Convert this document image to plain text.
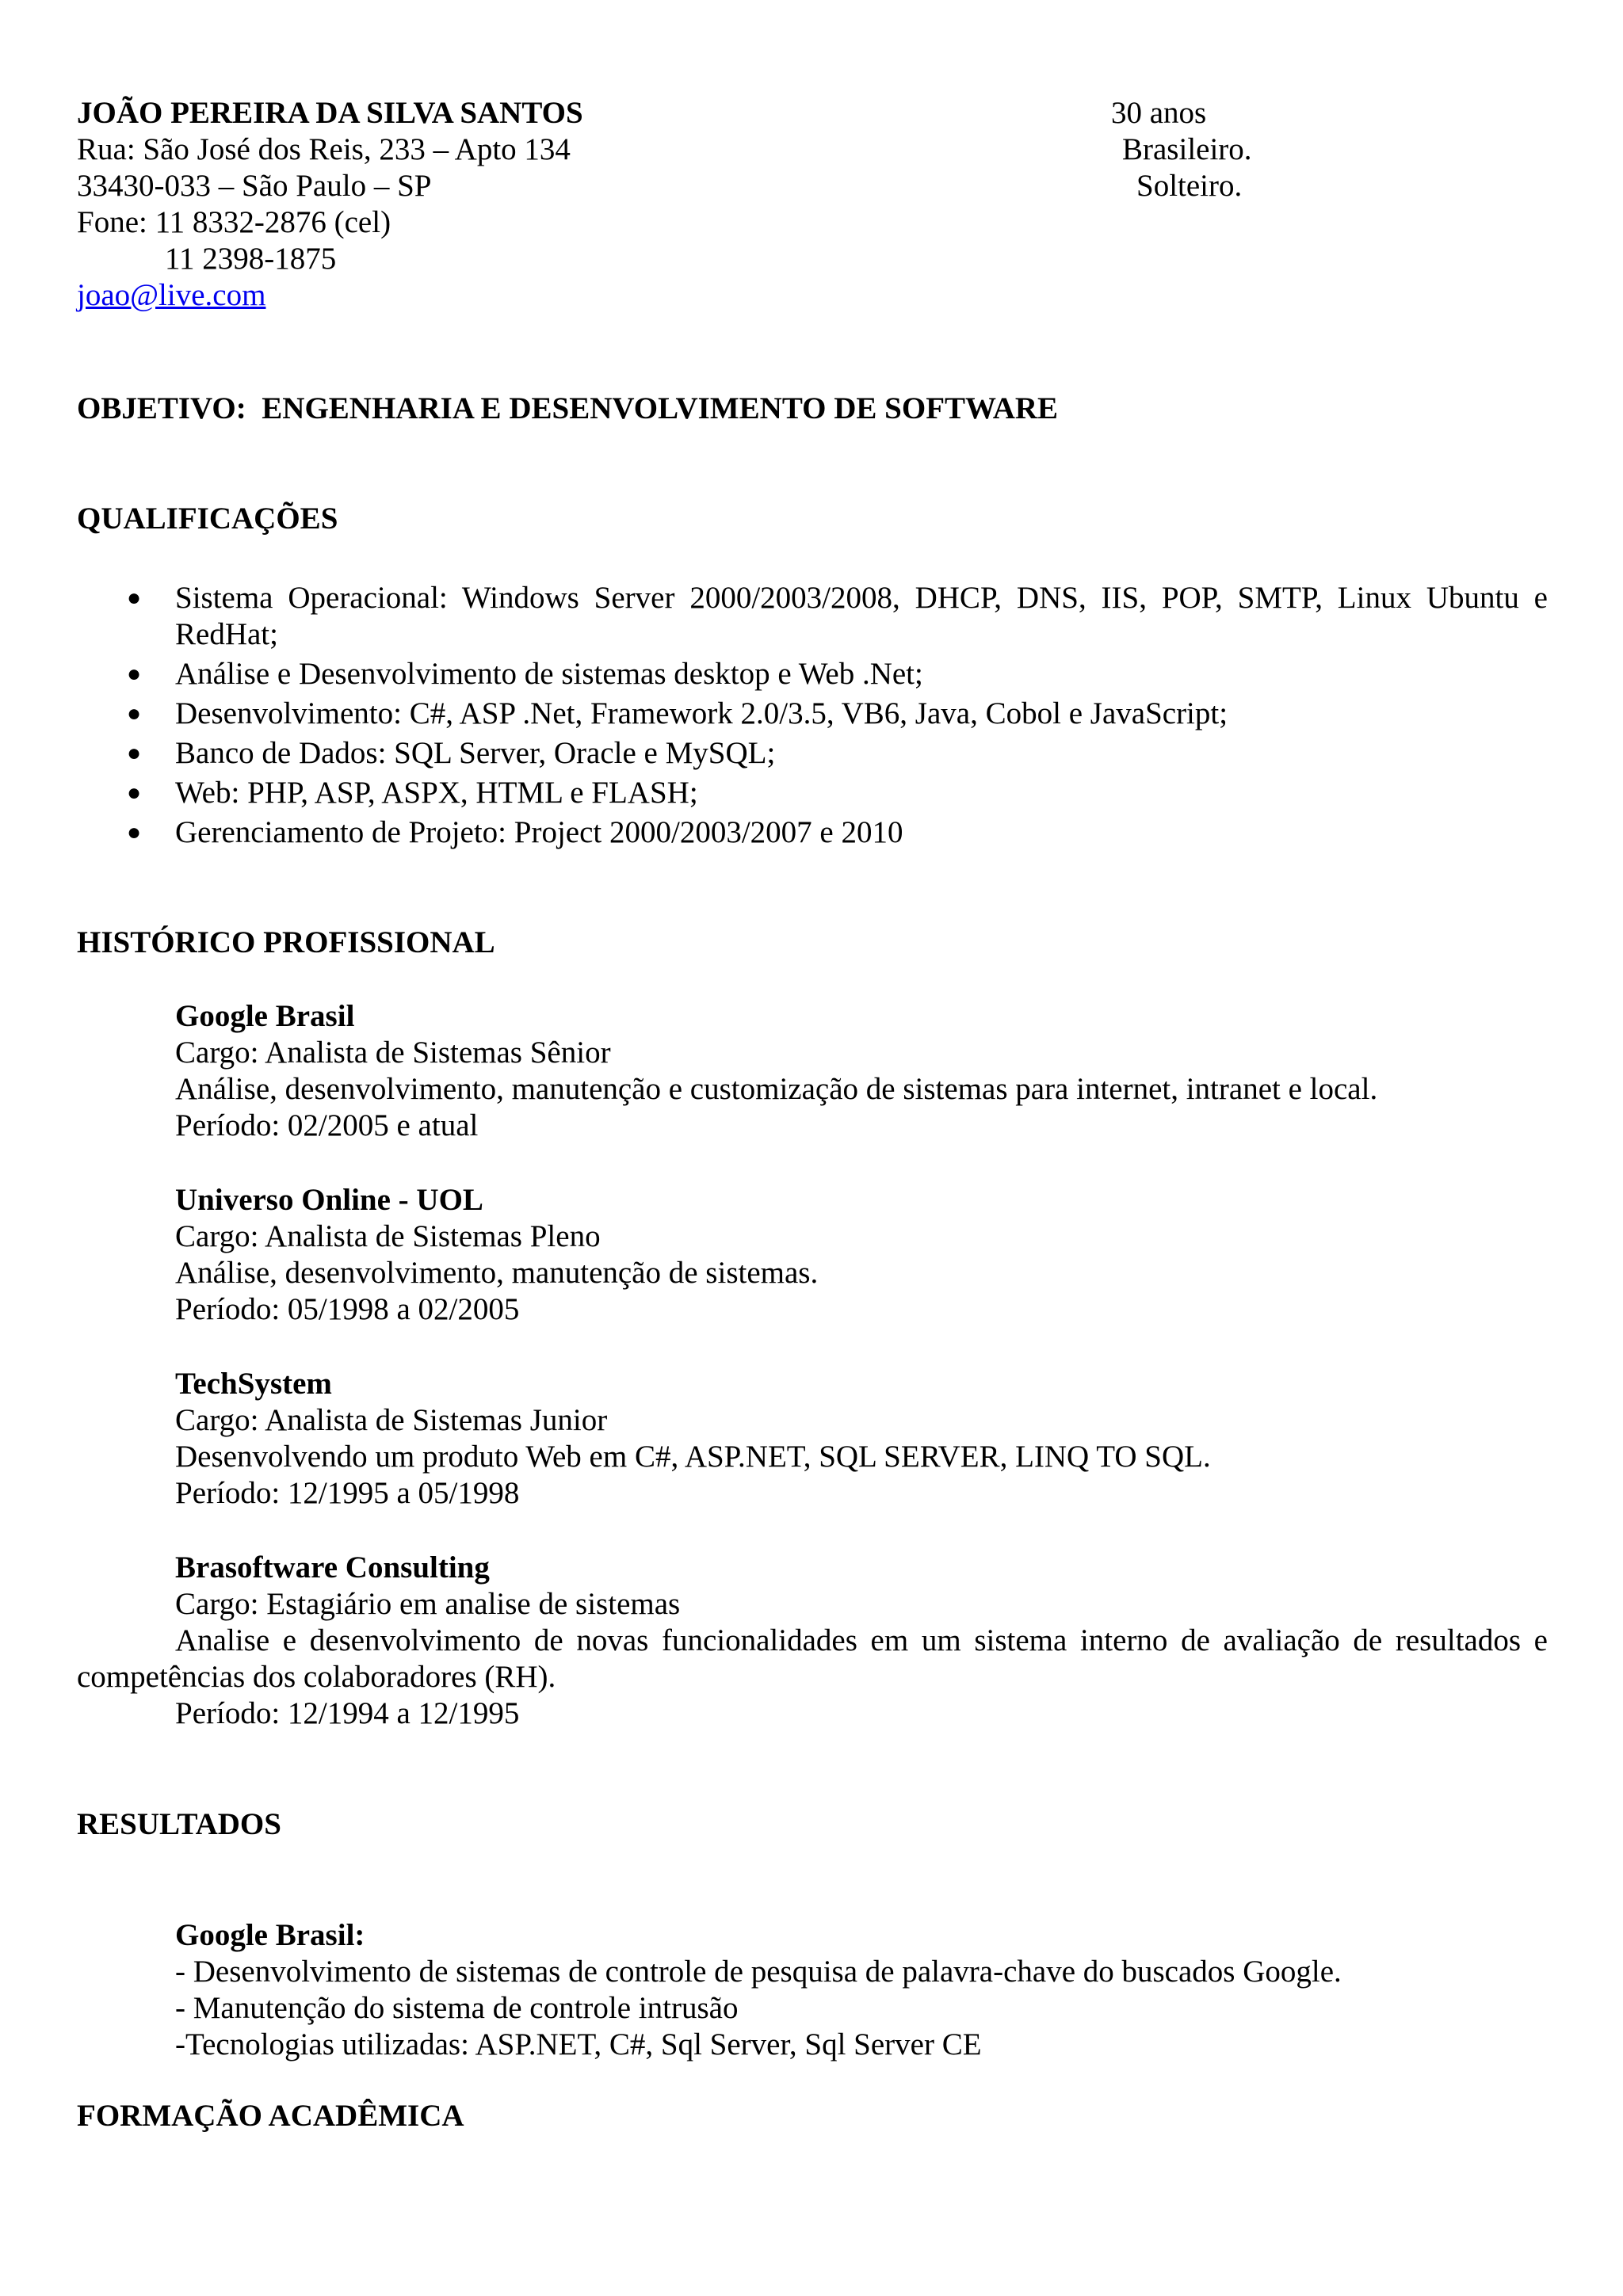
JOÃO PEREIRA DA SILVA SANTOS
Rua: São José dos Reis, 233 – Apto 134
33430-033 – São Paulo – SP
Fone: 11 8332-2876 (cel)
11 2398-1875
joao@live.com
30 anos
Brasileiro.
Solteiro.
OBJETIVO: ENGENHARIA E DESENVOLVIMENTO DE SOFTWARE
QUALIFICAÇÕES
● Sistema Operacional: Windows Server 2000/2003/2008, DHCP, DNS, IIS, POP, SMTP, Linux Ubuntu e RedHat;
● Análise e Desenvolvimento de sistemas desktop e Web .Net;
● Desenvolvimento: C#, ASP .Net, Framework 2.0/3.5, VB6, Java, Cobol e JavaScript;
● Banco de Dados: SQL Server, Oracle e MySQL;
● Web: PHP, ASP, ASPX, HTML e FLASH;
● Gerenciamento de Projeto: Project 2000/2003/2007 e 2010
HISTÓRICO PROFISSIONAL
Google Brasil
Cargo: Analista de Sistemas Sênior
Análise, desenvolvimento, manutenção e customização de sistemas para internet, intranet e local.
Período: 02/2005 e atual
Universo Online - UOL
Cargo: Analista de Sistemas Pleno
Análise, desenvolvimento, manutenção de sistemas.
Período: 05/1998 a 02/2005
TechSystem
Cargo: Analista de Sistemas Junior
Desenvolvendo um produto Web em C#, ASP.NET, SQL SERVER, LINQ TO SQL.
Período: 12/1995 a 05/1998
Brasoftware Consulting
Cargo: Estagiário em analise de sistemas
Analise e desenvolvimento de novas funcionalidades em um sistema interno de avaliação de resultados e competências dos colaboradores (RH).
Período: 12/1994 a 12/1995
RESULTADOS
Google Brasil:
- Desenvolvimento de sistemas de controle de pesquisa de palavra-chave do buscados Google.
- Manutenção do sistema de controle intrusão
-Tecnologias utilizadas: ASP.NET, C#, Sql Server, Sql Server CE
FORMAÇÃO ACADÊMICA
